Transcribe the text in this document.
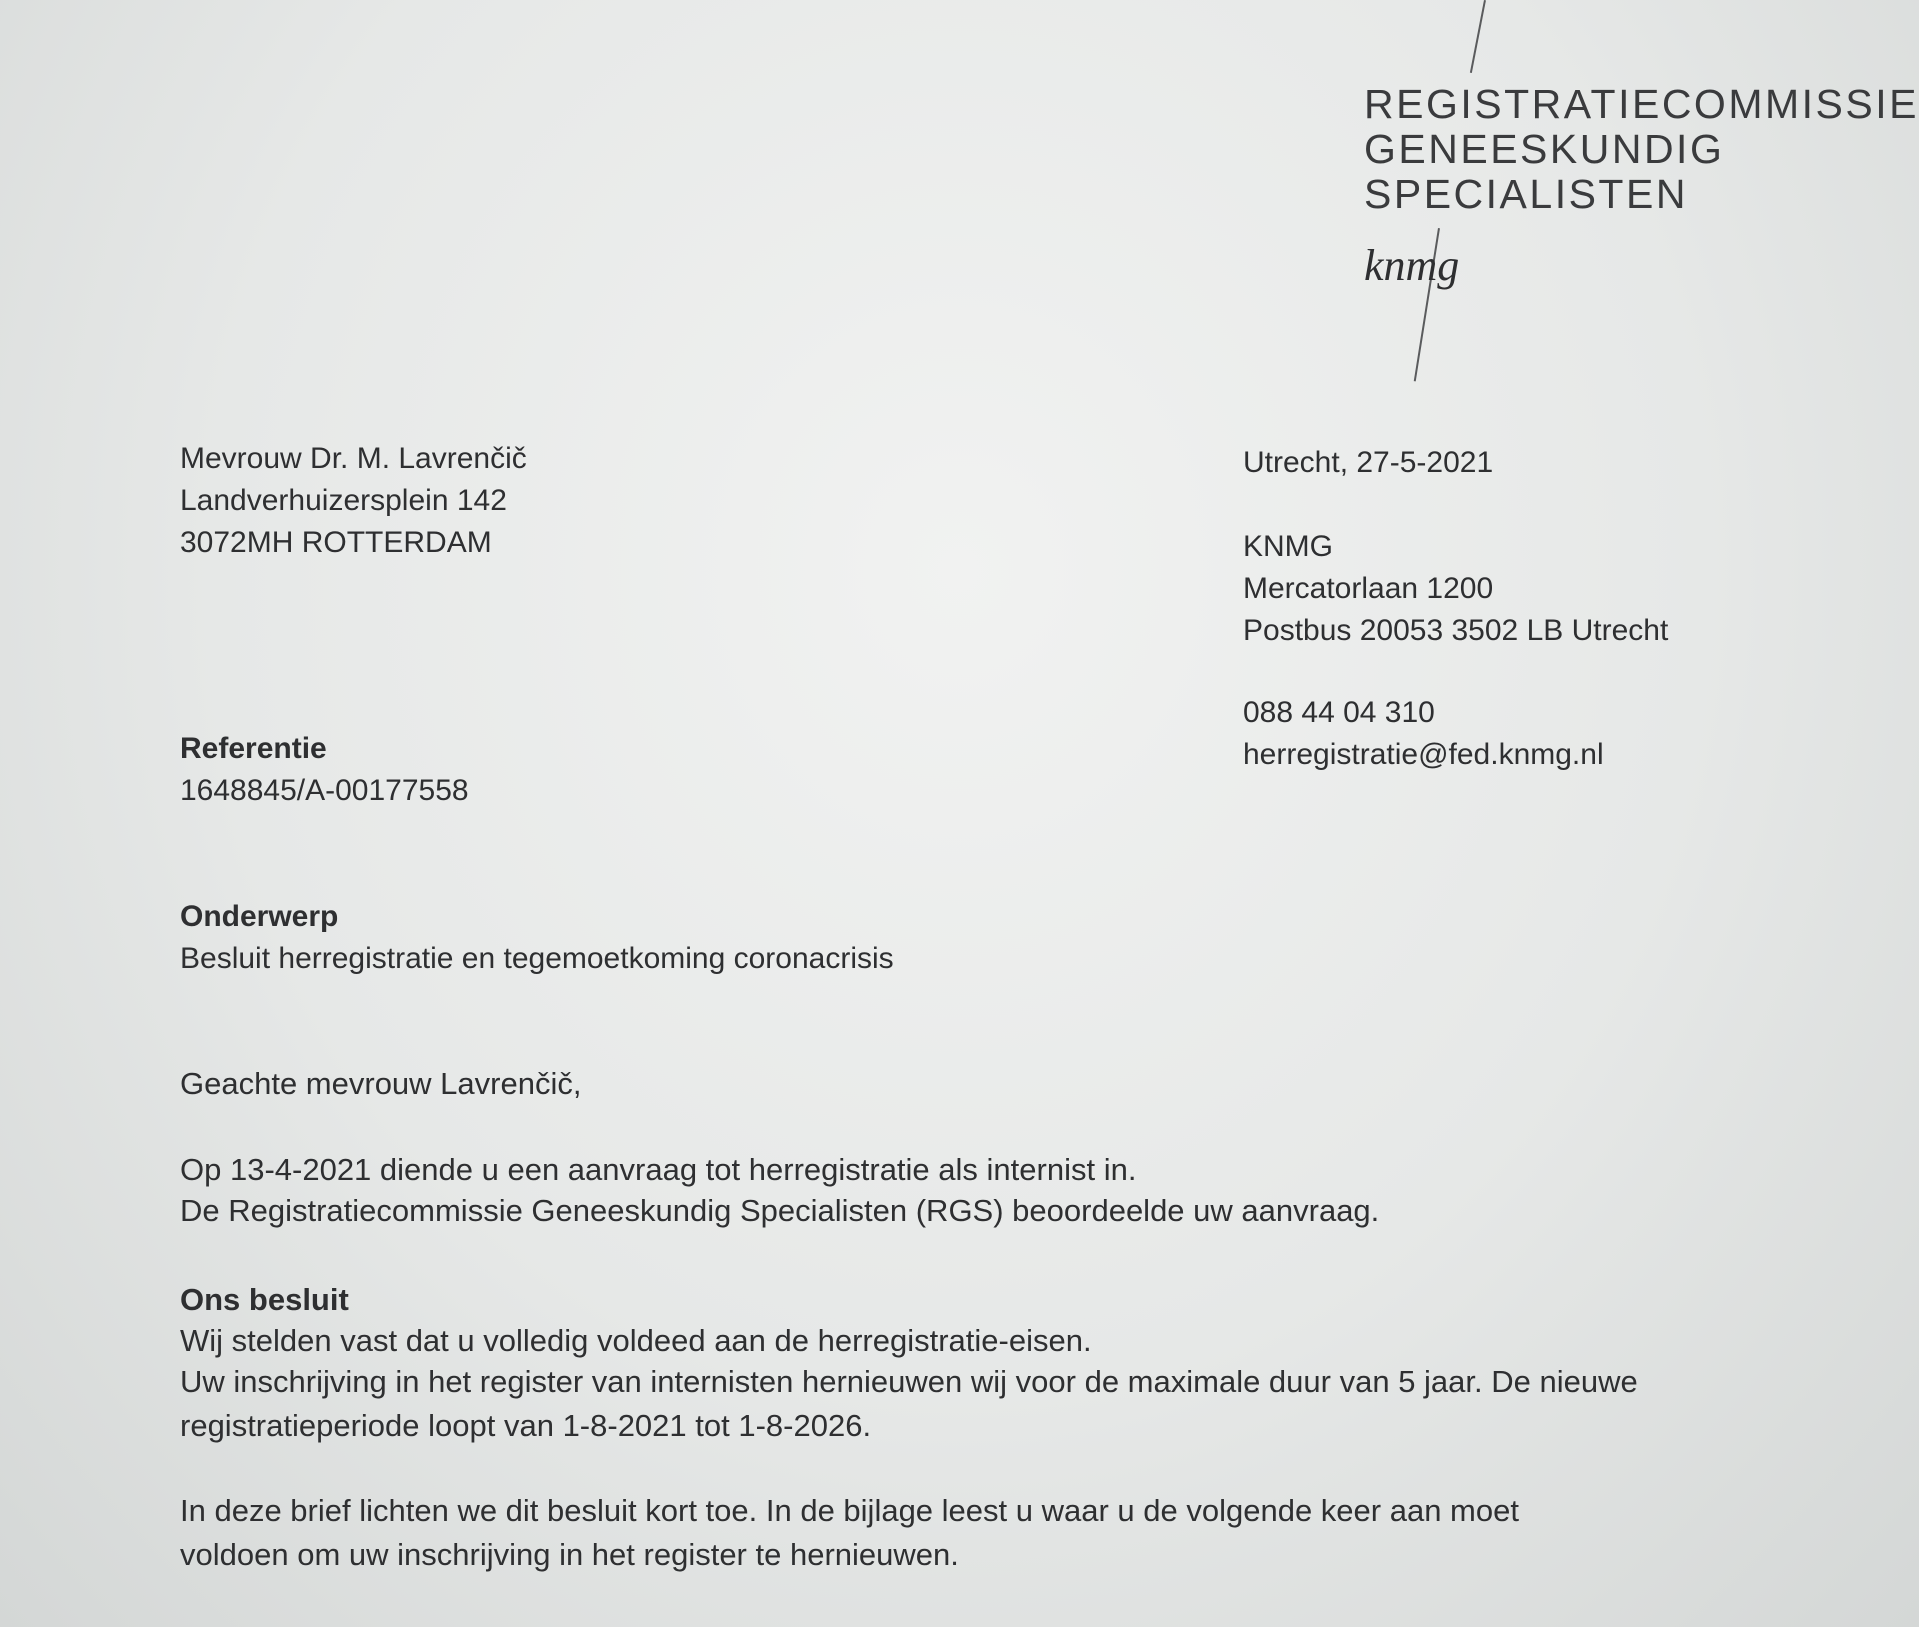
REGISTRATIECOMMISSIE
GENEESKUNDIG
SPECIALISTEN
knmg
Mevrouw Dr. M. Lavrenčič
Landverhuizersplein 142
3072MH ROTTERDAM
Utrecht, 27-5-2021
KNMG
Mercatorlaan 1200
Postbus 20053 3502 LB Utrecht
088 44 04 310
herregistratie@fed.knmg.nl
Referentie
1648845/A-00177558
Onderwerp
Besluit herregistratie en tegemoetkoming coronacrisis
Geachte mevrouw Lavrenčič,
Op 13-4-2021 diende u een aanvraag tot herregistratie als internist in.
De Registratiecommissie Geneeskundig Specialisten (RGS) beoordeelde uw aanvraag.
Ons besluit
Wij stelden vast dat u volledig voldeed aan de herregistratie-eisen.
Uw inschrijving in het register van internisten hernieuwen wij voor de maximale duur van 5 jaar. De nieuwe
registratieperiode loopt van 1-8-2021 tot 1-8-2026.
In deze brief lichten we dit besluit kort toe. In de bijlage leest u waar u de volgende keer aan moet
voldoen om uw inschrijving in het register te hernieuwen.
